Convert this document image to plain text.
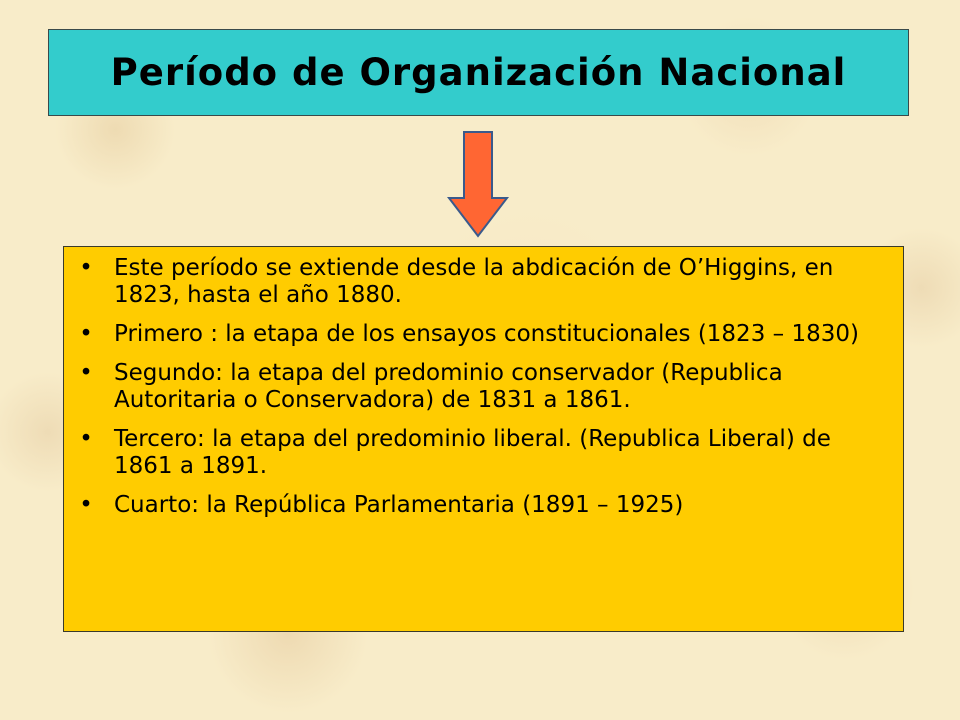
Período de Organización Nacional
• Este período se extiende desde la abdicación de O’Higgins, en 1823, hasta el año 1880.
• Primero : la etapa de los ensayos constitucionales (1823 – 1830)
• Segundo: la etapa del predominio conservador (Republica Autoritaria o Conservadora) de 1831 a 1861.
• Tercero: la etapa del predominio liberal. (Republica Liberal) de 1861 a 1891.
• Cuarto: la República Parlamentaria (1891 – 1925)
